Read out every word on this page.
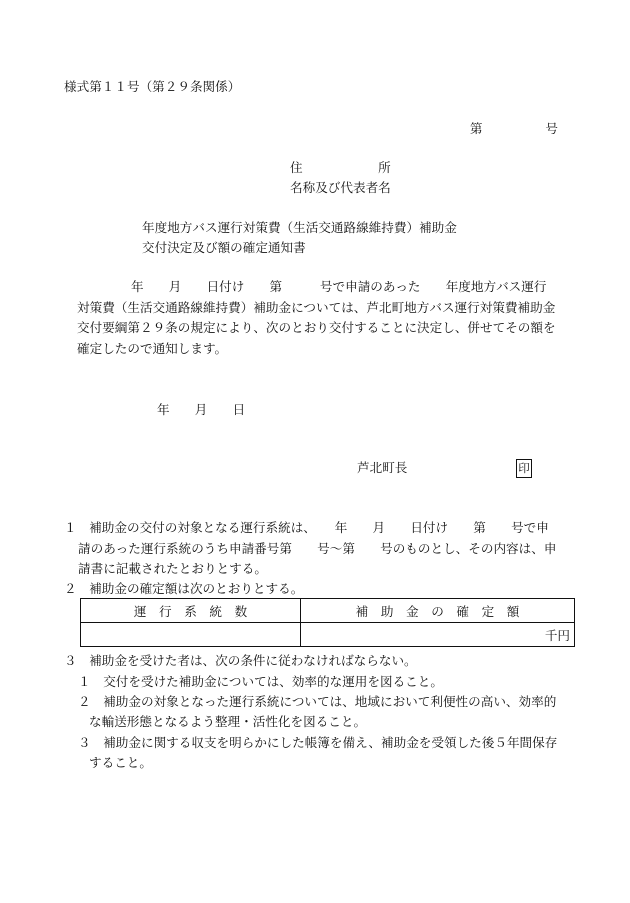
様式第１１号（第２９条関係）
第　　　　　号
住　　　　　　所
名称及び代表者名
年度地方バス運行対策費（生活交通路線維持費）補助金
交付決定及び額の確定通知書
年　　月　　日付け　　第　　　号で申請のあった　　年度地方バス運行
対策費（生活交通路線維持費）補助金については、芦北町地方バス運行対策費補助金
交付要綱第２９条の規定により、次のとおり交付することに決定し、併せてその額を
確定したので通知します。
年　　月　　日
芦北町長	印
１　補助金の交付の対象となる運行系統は、　　年　　月　　日付け　　第　　号で申
請のあった運行系統のうち申請番号第　　号～第　　号のものとし、その内容は、申
請書に記載されたとおりとする。
２　補助金の確定額は次のとおりとする。
運　行　系　統　数	補　助　金　の　確　定　額
	千円
３　補助金を受けた者は、次の条件に従わなければならない。
１　交付を受けた補助金については、効率的な運用を図ること。
２　補助金の対象となった運行系統については、地域において利便性の高い、効率的
な輸送形態となるよう整理・活性化を図ること。
３　補助金に関する収支を明らかにした帳簿を備え、補助金を受領した後５年間保存
すること。
